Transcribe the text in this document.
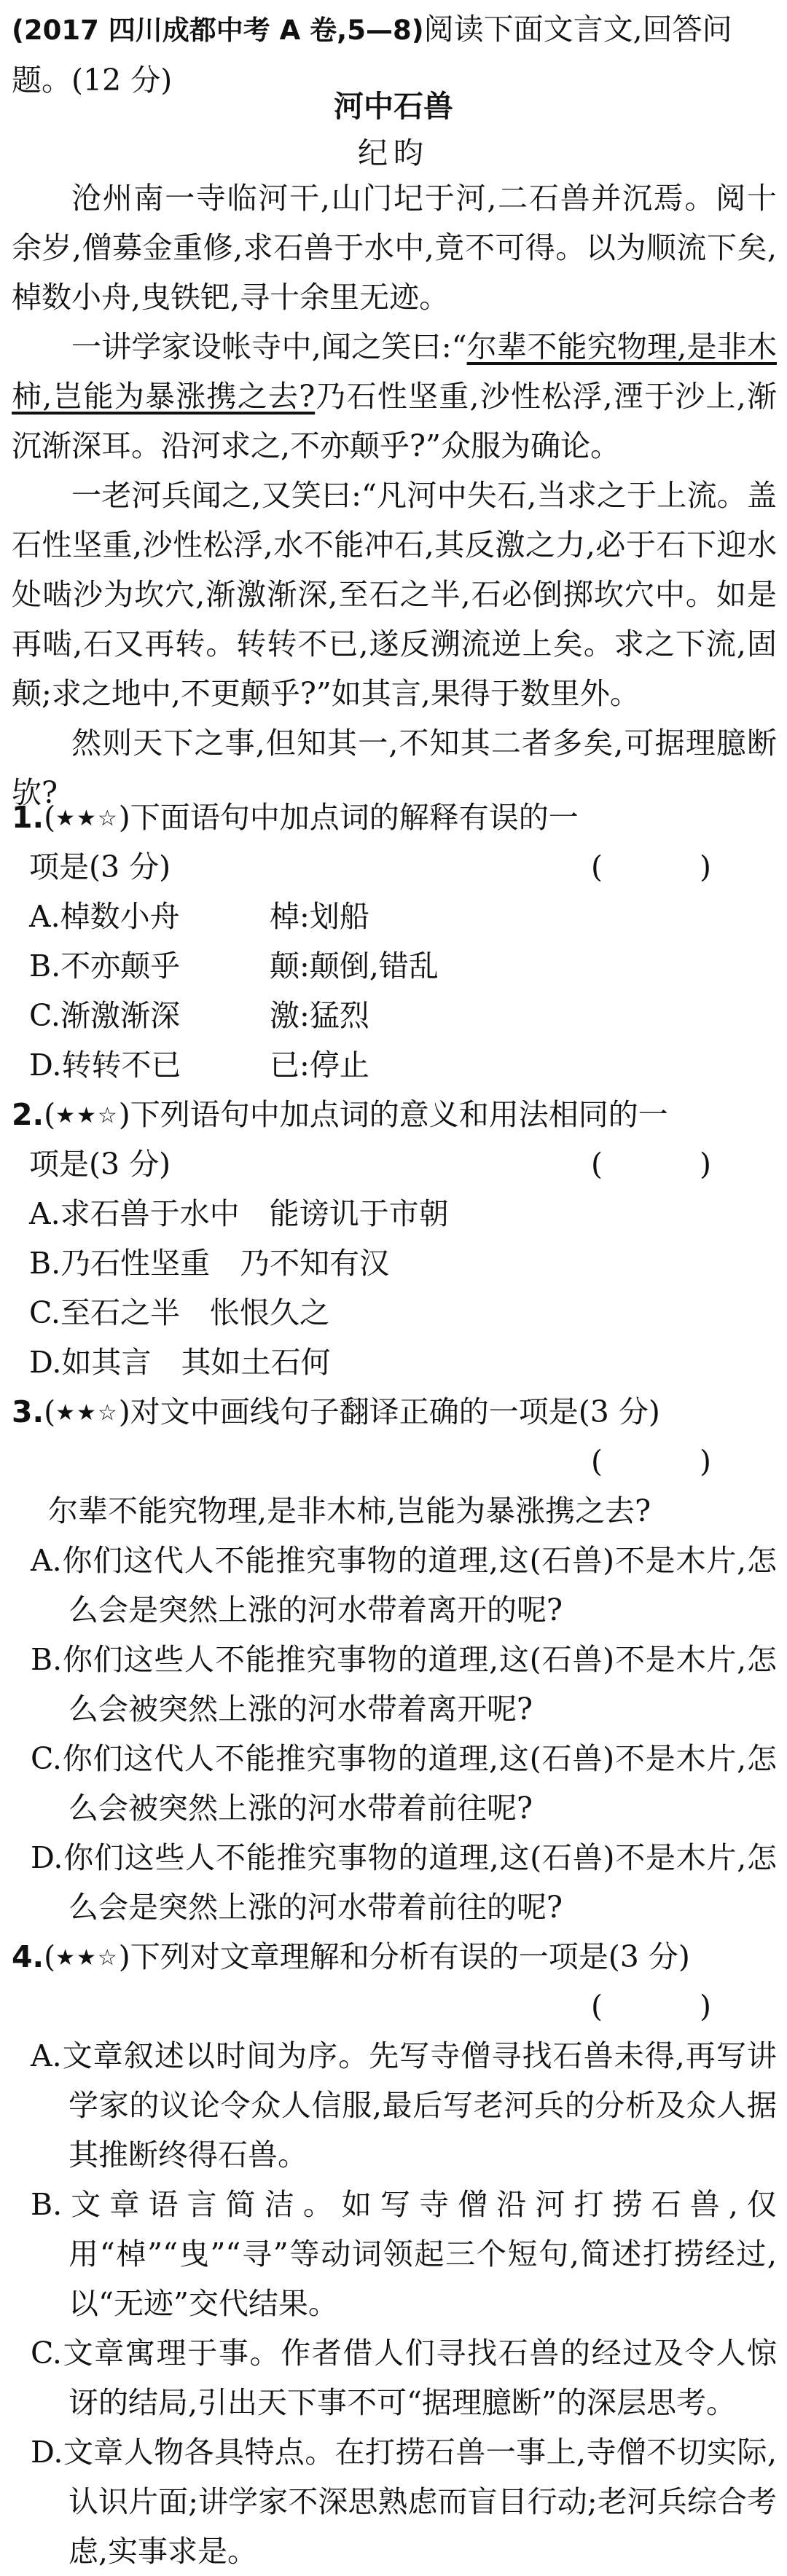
(2017 四川成都中考 A 卷,5—8)阅读下面文言文,回答问题。(12 分)
河中石兽
纪昀

沧州南一寺临河干,山门圮于河,二石兽并沉焉。阅十余岁,僧募金重修,求石兽于水中,竟不可得。以为顺流下矣,棹数小舟,曳铁钯,寻十余里无迹。

一讲学家设帐寺中,闻之笑曰:“尔辈不能究物理,是非木柿,岂能为暴涨携之去?乃石性坚重,沙性松浮,湮于沙上,渐沉渐深耳。沿河求之,不亦颠乎?”众服为确论。

一老河兵闻之,又笑曰:“凡河中失石,当求之于上流。盖石性坚重,沙性松浮,水不能冲石,其反激之力,必于石下迎水处啮沙为坎穴,渐激渐深,至石之半,石必倒掷坎穴中。如是再啮,石又再转。转转不已,遂反溯流逆上矣。求之下流,固颠;求之地中,不更颠乎?”如其言,果得于数里外。

然则天下之事,但知其一,不知其二者多矣,可据理臆断欤?

1.(★★☆)下面语句中加点词的解释有误的一
项是(3 分)	( )
A.棹数小舟	棹:划船
B.不亦颠乎	颠:颠倒,错乱
C.渐激渐深	激:猛烈
D.转转不已	已:停止
2.(★★☆)下列语句中加点词的意义和用法相同的一
项是(3 分)	( )
A.求石兽于水中　能谤讥于市朝
B.乃石性坚重　乃不知有汉
C.至石之半　怅恨久之
D.如其言　其如土石何
3.(★★☆)对文中画线句子翻译正确的一项是(3 分)
( )
尔辈不能究物理,是非木柿,岂能为暴涨携之去?
A.你们这代人不能推究事物的道理,这(石兽)不是木片,怎么会是突然上涨的河水带着离开的呢?
B.你们这些人不能推究事物的道理,这(石兽)不是木片,怎么会被突然上涨的河水带着离开呢?
C.你们这代人不能推究事物的道理,这(石兽)不是木片,怎么会被突然上涨的河水带着前往呢?
D.你们这些人不能推究事物的道理,这(石兽)不是木片,怎么会是突然上涨的河水带着前往的呢?
4.(★★☆)下列对文章理解和分析有误的一项是(3 分)
( )
A.文章叙述以时间为序。先写寺僧寻找石兽未得,再写讲学家的议论令众人信服,最后写老河兵的分析及众人据其推断终得石兽。
B.文章语言简洁。如写寺僧沿河打捞石兽,仅用“棹”“曳”“寻”等动词领起三个短句,简述打捞经过,以“无迹”交代结果。
C.文章寓理于事。作者借人们寻找石兽的经过及令人惊讶的结局,引出天下事不可“据理臆断”的深层思考。
D.文章人物各具特点。在打捞石兽一事上,寺僧不切实际,认识片面;讲学家不深思熟虑而盲目行动;老河兵综合考虑,实事求是。
